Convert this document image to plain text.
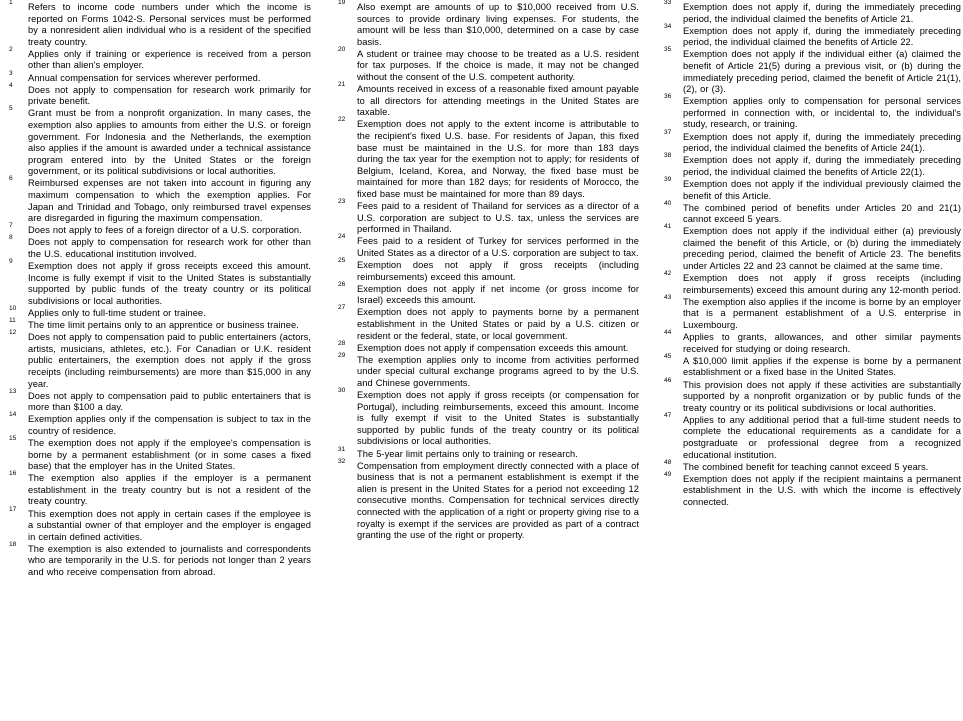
1 Refers to income code numbers under which the income is reported on Forms 1042-S. Personal services must be performed by a nonresident alien individual who is a resident of the specified treaty country.
2 Applies only if training or experience is received from a person other than alien's employer.
3 Annual compensation for services wherever performed.
4 Does not apply to compensation for research work primarily for private benefit.
5 Grant must be from a nonprofit organization. In many cases, the exemption also applies to amounts from either the U.S. or foreign government. For Indonesia and the Netherlands, the exemption also applies if the amount is awarded under a technical assistance program entered into by the United States or the foreign government, or its political subdivisions or local authorities.
6 Reimbursed expenses are not taken into account in figuring any maximum compensation to which the exemption applies. For Japan and Trinidad and Tobago, only reimbursed travel expenses are disregarded in figuring the maximum compensation.
7 Does not apply to fees of a foreign director of a U.S. corporation.
8 Does not apply to compensation for research work for other than the U.S. educational institution involved.
9 Exemption does not apply if gross receipts exceed this amount. Income is fully exempt if visit to the United States is substantially supported by public funds of the treaty country or its political subdivisions or local authorities.
10 Applies only to full-time student or trainee.
11 The time limit pertains only to an apprentice or business trainee.
12 Does not apply to compensation paid to public entertainers (actors, artists, musicians, athletes, etc.). For Canadian or U.K. resident public entertainers, the exemption does not apply if the gross receipts (including reimbursements) are more than $15,000 in any year.
13 Does not apply to compensation paid to public entertainers that is more than $100 a day.
14 Exemption applies only if the compensation is subject to tax in the country of residence.
15 The exemption does not apply if the employee's compensation is borne by a permanent establishment (or in some cases a fixed base) that the employer has in the United States.
16 The exemption also applies if the employer is a permanent establishment in the treaty country but is not a resident of the treaty country.
17 This exemption does not apply in certain cases if the employee is a substantial owner of that employer and the employer is engaged in certain defined activities.
18 The exemption is also extended to journalists and correspondents who are temporarily in the U.S. for periods not longer than 2 years and who receive compensation from abroad.
19 Also exempt are amounts of up to $10,000 received from U.S. sources to provide ordinary living expenses. For students, the amount will be less than $10,000, determined on a case by case basis.
20 A student or trainee may choose to be treated as a U.S. resident for tax purposes. If the choice is made, it may not be changed without the consent of the U.S. competent authority.
21 Amounts received in excess of a reasonable fixed amount payable to all directors for attending meetings in the United States are taxable.
22 Exemption does not apply to the extent income is attributable to the recipient's fixed U.S. base. For residents of Japan, this fixed base must be maintained in the U.S. for more than 183 days during the tax year for the exemption not to apply; for residents of Belgium, Iceland, Korea, and Norway, the fixed base must be maintained for more than 182 days; for residents of Morocco, the fixed base must be maintained for more than 89 days.
23 Fees paid to a resident of Thailand for services as a director of a U.S. corporation are subject to U.S. tax, unless the services are performed in Thailand.
24 Fees paid to a resident of Turkey for services performed in the United States as a director of a U.S. corporation are subject to tax.
25 Exemption does not apply if gross receipts (including reimbursements) exceed this amount.
26 Exemption does not apply if net income (or gross income for Israel) exceeds this amount.
27 Exemption does not apply to payments borne by a permanent establishment in the United States or paid by a U.S. citizen or resident or the federal, state, or local government.
28 Exemption does not apply if compensation exceeds this amount.
29 The exemption applies only to income from activities performed under special cultural exchange programs agreed to by the U.S. and Chinese governments.
30 Exemption does not apply if gross receipts (or compensation for Portugal), including reimbursements, exceed this amount. Income is fully exempt if visit to the United States is substantially supported by public funds of the treaty country or its political subdivisions or local authorities.
31 The 5-year limit pertains only to training or research.
32 Compensation from employment directly connected with a place of business that is not a permanent establishment is exempt if the alien is present in the United States for a period not exceeding 12 consecutive months. Compensation for technical services directly connected with the application of a right or property giving rise to a royalty is exempt if the services are provided as part of a contract granting the use of the right or property.
33 Exemption does not apply if, during the immediately preceding period, the individual claimed the benefits of Article 21.
34 Exemption does not apply if, during the immediately preceding period, the individual claimed the benefits of Article 22.
35 Exemption does not apply if the individual either (a) claimed the benefit of Article 21(5) during a previous visit, or (b) during the immediately preceding period, claimed the benefit of Article 21(1), (2), or (3).
36 Exemption applies only to compensation for personal services performed in connection with, or incidental to, the individual's study, research, or training.
37 Exemption does not apply if, during the immediately preceding period, the individual claimed the benefits of Article 24(1).
38 Exemption does not apply if, during the immediately preceding period, the individual claimed the benefits of Article 22(1).
39 Exemption does not apply if the individual previously claimed the benefit of this Article.
40 The combined period of benefits under Articles 20 and 21(1) cannot exceed 5 years.
41 Exemption does not apply if the individual either (a) previously claimed the benefit of this Article, or (b) during the immediately preceding period, claimed the benefit of Article 23. The benefits under Articles 22 and 23 cannot be claimed at the same time.
42 Exemption does not apply if gross receipts (including reimbursements) exceed this amount during any 12-month period.
43 The exemption also applies if the income is borne by an employer that is a permanent establishment of a U.S. enterprise in Luxembourg.
44 Applies to grants, allowances, and other similar payments received for studying or doing research.
45 A $10,000 limit applies if the expense is borne by a permanent establishment or a fixed base in the United States.
46 This provision does not apply if these activities are substantially supported by a nonprofit organization or by public funds of the treaty country or its political subdivisions or local authorities.
47 Applies to any additional period that a full-time student needs to complete the educational requirements as a candidate for a postgraduate or professional degree from a recognized educational institution.
48 The combined benefit for teaching cannot exceed 5 years.
49 Exemption does not apply if the recipient maintains a permanent establishment in the U.S. with which the income is effectively connected.
